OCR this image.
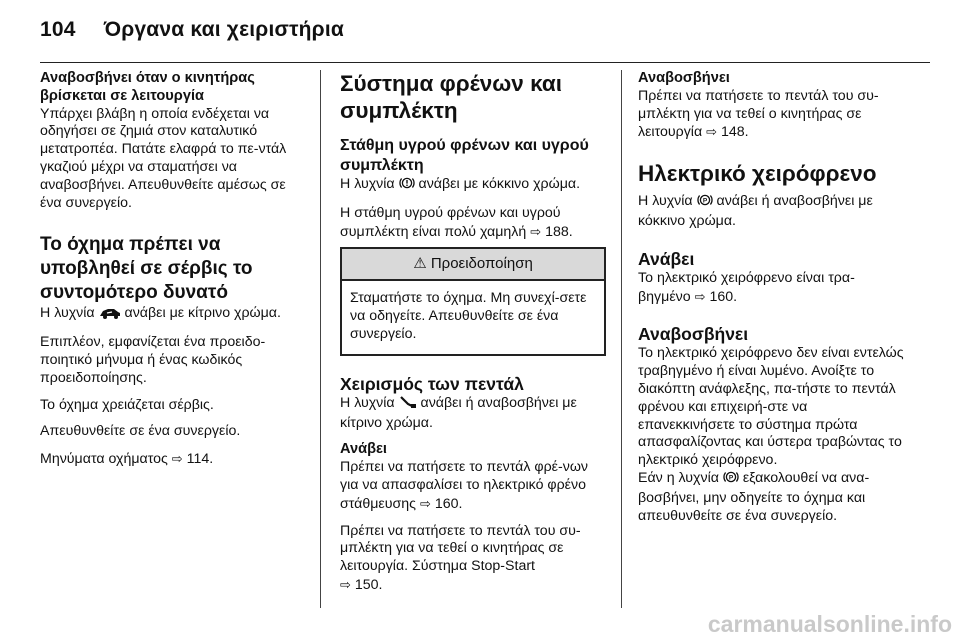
104 Όργανα και χειριστήρια
Αναβοσβήνει όταν ο κινητήρας βρίσκεται σε λειτουργία

Υπάρχει βλάβη η οποία ενδέχεται να οδηγήσει σε ζημιά στον καταλυτικό μετατροπέα. Πατάτε ελαφρά το πε-ντάλ γκαζιού μέχρι να σταματήσει να αναβοσβήνει. Απευθυνθείτε αμέσως σε ένα συνεργείο.

Το όχημα πρέπει να υποβληθεί σε σέρβις το συντομότερο δυνατό

Η λυχνία ανάβει με κίτρινο χρώμα.

Επιπλέον, εμφανίζεται ένα προειδο-ποιητικό μήνυμα ή ένας κωδικός προειδοποίησης.

Το όχημα χρειάζεται σέρβις.

Απευθυνθείτε σε ένα συνεργείο.

Μηνύματα οχήματος ⇨ 114.

Σύστημα φρένων και συμπλέκτη
Στάθμη υγρού φρένων και υγρού συμπλέκτη

Η λυχνία ανάβει με κόκκινο χρώμα.

Η στάθμη υγρού φρένων και υγρού συμπλέκτη είναι πολύ χαμηλή ⇨ 188.

⚠ Προειδοποίηση
Σταματήστε το όχημα. Μη συνεχί-σετε να οδηγείτε. Απευθυνθείτε σε ένα συνεργείο.
Χειρισμός των πεντάλ

Η λυχνία ανάβει ή αναβοσβήνει με κίτρινο χρώμα.

Ανάβει

Πρέπει να πατήσετε το πεντάλ φρέ-νων για να απασφαλίσει το ηλεκτρικό φρένο στάθμευσης ⇨ 160.

Πρέπει να πατήσετε το πεντάλ του συ-μπλέκτη για να τεθεί ο κινητήρας σε λειτουργία. Σύστημα Stop-Start
⇨ 150.

Αναβοσβήνει

Πρέπει να πατήσετε το πεντάλ του συ-μπλέκτη για να τεθεί ο κινητήρας σε λειτουργία ⇨ 148.

Ηλεκτρικό χειρόφρενο

Η λυχνία P ανάβει ή αναβοσβήνει με κόκκινο χρώμα.

Ανάβει

Το ηλεκτρικό χειρόφρενο είναι τρα-βηγμένο ⇨ 160.

Αναβοσβήνει

Το ηλεκτρικό χειρόφρενο δεν είναι εντελώς τραβηγμένο ή είναι λυμένο. Ανοίξτε το διακόπτη ανάφλεξης, πα-τήστε το πεντάλ φρένου και επιχειρή-στε να επανεκκινήσετε το σύστημα πρώτα απασφαλίζοντας και ύστερα τραβώντας το ηλεκτρικό χειρόφρενο.

Εάν η λυχνία P εξακολουθεί να ανα-βοσβήνει, μην οδηγείτε το όχημα και απευθυνθείτε σε ένα συνεργείο.

carmanualsonline.info
